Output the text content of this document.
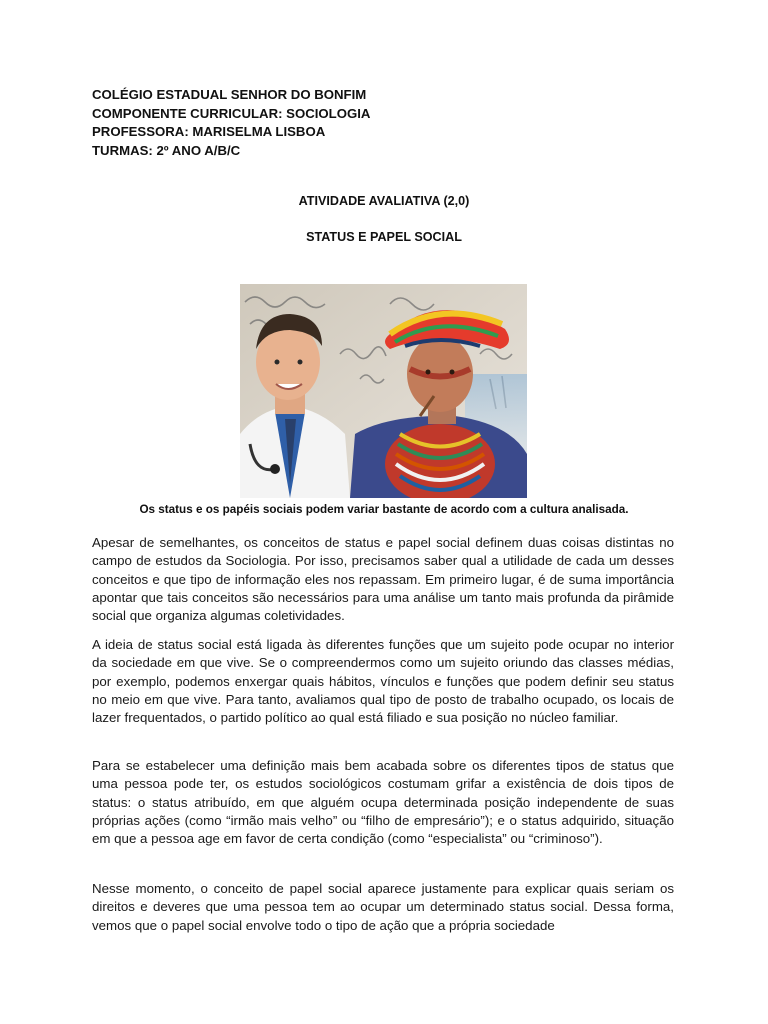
COLÉGIO ESTADUAL SENHOR DO BONFIM
COMPONENTE CURRICULAR: SOCIOLOGIA
PROFESSORA: MARISELMA LISBOA
TURMAS: 2º ANO A/B/C
ATIVIDADE AVALIATIVA (2,0)
STATUS E PAPEL SOCIAL
Os status e os papéis sociais podem variar bastante de acordo com a cultura analisada.
Apesar de semelhantes, os conceitos de status e papel social definem duas coisas distintas no campo de estudos da Sociologia. Por isso, precisamos saber qual a utilidade de cada um desses conceitos e que tipo de informação eles nos repassam. Em primeiro lugar, é de suma importância apontar que tais conceitos são necessários para uma análise um tanto mais profunda da pirâmide social que organiza algumas coletividades.
A ideia de status social está ligada às diferentes funções que um sujeito pode ocupar no interior da sociedade em que vive. Se o compreendermos como um sujeito oriundo das classes médias, por exemplo, podemos enxergar quais hábitos, vínculos e funções que podem definir seu status no meio em que vive. Para tanto, avaliamos qual tipo de posto de trabalho ocupado, os locais de lazer frequentados, o partido político ao qual está filiado e sua posição no núcleo familiar.
Para se estabelecer uma definição mais bem acabada sobre os diferentes tipos de status que uma pessoa pode ter, os estudos sociológicos costumam grifar a existência de dois tipos de status: o status atribuído, em que alguém ocupa determinada posição independente de suas próprias ações (como “irmão mais velho” ou “filho de empresário”); e o status adquirido, situação em que a pessoa age em favor de certa condição (como “especialista” ou “criminoso”).
Nesse momento, o conceito de papel social aparece justamente para explicar quais seriam os direitos e deveres que uma pessoa tem ao ocupar um determinado status social. Dessa forma, vemos que o papel social envolve todo o tipo de ação que a própria sociedade
